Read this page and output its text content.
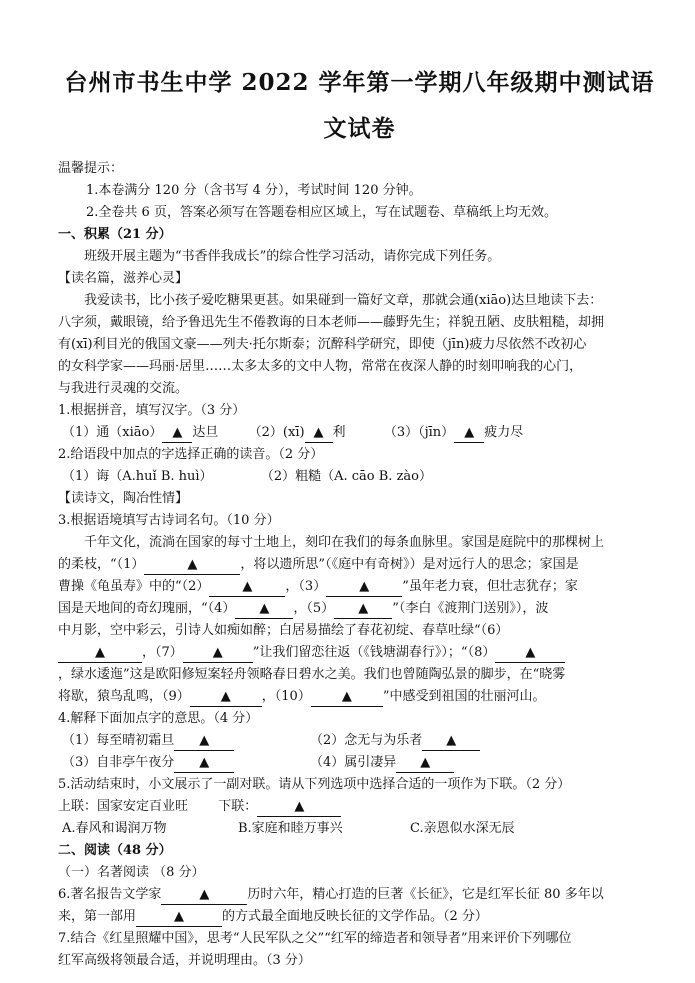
台州市书生中学 2022 学年第一学期八年级期中测试语
文试卷
温馨提示：
1.本卷满分 120 分（含书写 4 分），考试时间 120 分钟。
2.全卷共 6 页，答案必须写在答题卷相应区域上，写在试题卷、草稿纸上均无效。
一、积累（21 分）
班级开展主题为“书香伴我成长”的综合性学习活动，请你完成下列任务。
【读名篇，滋养心灵】
我爱读书，比小孩子爱吃糖果更甚。如果碰到一篇好文章，那就会通(xiāo)达旦地读下去：
八字须，戴眼镜，给予鲁迅先生不倦教诲的日本老师——藤野先生；祥貌丑陋、皮肤粗糙，却拥
有(xī)利目光的俄国文豪——列夫·托尔斯泰；沉醉科学研究，即使（jīn)疲力尽依然不改初心
的女科学家——玛丽·居里……太多太多的文中人物，常常在夜深人静的时刻叩响我的心门，
与我进行灵魂的交流。
1.根据拼音，填写汉字。（3 分）
（1）通（xiāo） ▲ 达旦 （2）(xī) ▲ 利	（3）（jīn） ▲ 疲力尽
2.给语段中加点的字选择正确的读音。（2 分）
（1）诲（A.huǐ B. huì）	（2）粗糙（A. cāo B. zào）
【读诗文，陶冶性情】
3.根据语境填写古诗词名句。（10 分）
千年文化，流淌在国家的每寸土地上，刻印在我们的每条血脉里。家国是庭院中的那棵树上
的柔枝，“（1）	▲	，将以遗所思”（《庭中有奇树》）是对远行人的思念；家国是
曹操《龟虽寿》中的“（2）	▲	，（3）	▲	”虽年老力衰，但壮志犹存；家
国是天地间的奇幻瑰丽，“（4） ▲ ，（5） ▲ ”（李白《渡荆门送别》），波
中月影，空中彩云，引诗人如痴如醉；白居易描绘了春花初绽、春草吐绿“（6）
▲	，（7） ▲ ”让我们留恋往返（《钱塘湖春行》）；“（8） ▲
，绿水逶迤”这是欧阳修短案轻舟领略春日碧水之美。我们也曾随陶弘景的脚步，在“晓雾
将歇，猿鸟乱鸣，（9） ▲ ，（10） ▲ ”中感受到祖国的壮丽河山。
4.解释下面加点字的意思。（4 分）
（1）每至晴初霜旦 ▲	（2）念无与为乐者 ▲
（3）自非亭午夜分 ▲	（4）属引凄异 ▲
5.活动结束时，小文展示了一副对联。请从下列选项中选择合适的一项作为下联。（2 分）
上联：国家安定百业旺 下联：	▲
A.春风和谒润万物	B.家庭和睦万事兴	C.亲恩似水深无辰
二、阅读（48 分）
（一）名著阅读 （8 分）
6.著名报告文学家	▲	历时六年，精心打造的巨著《长征》，它是红军长征 80 多年以
来，第一部用	▲	的方式最全面地反映长征的文学作品。（2 分）
7.结合《红星照耀中国》，思考“人民军队之父”“红军的缔造者和领导者”用来评价下列哪位
红军高级将领最合适，并说明理由。（3 分）
